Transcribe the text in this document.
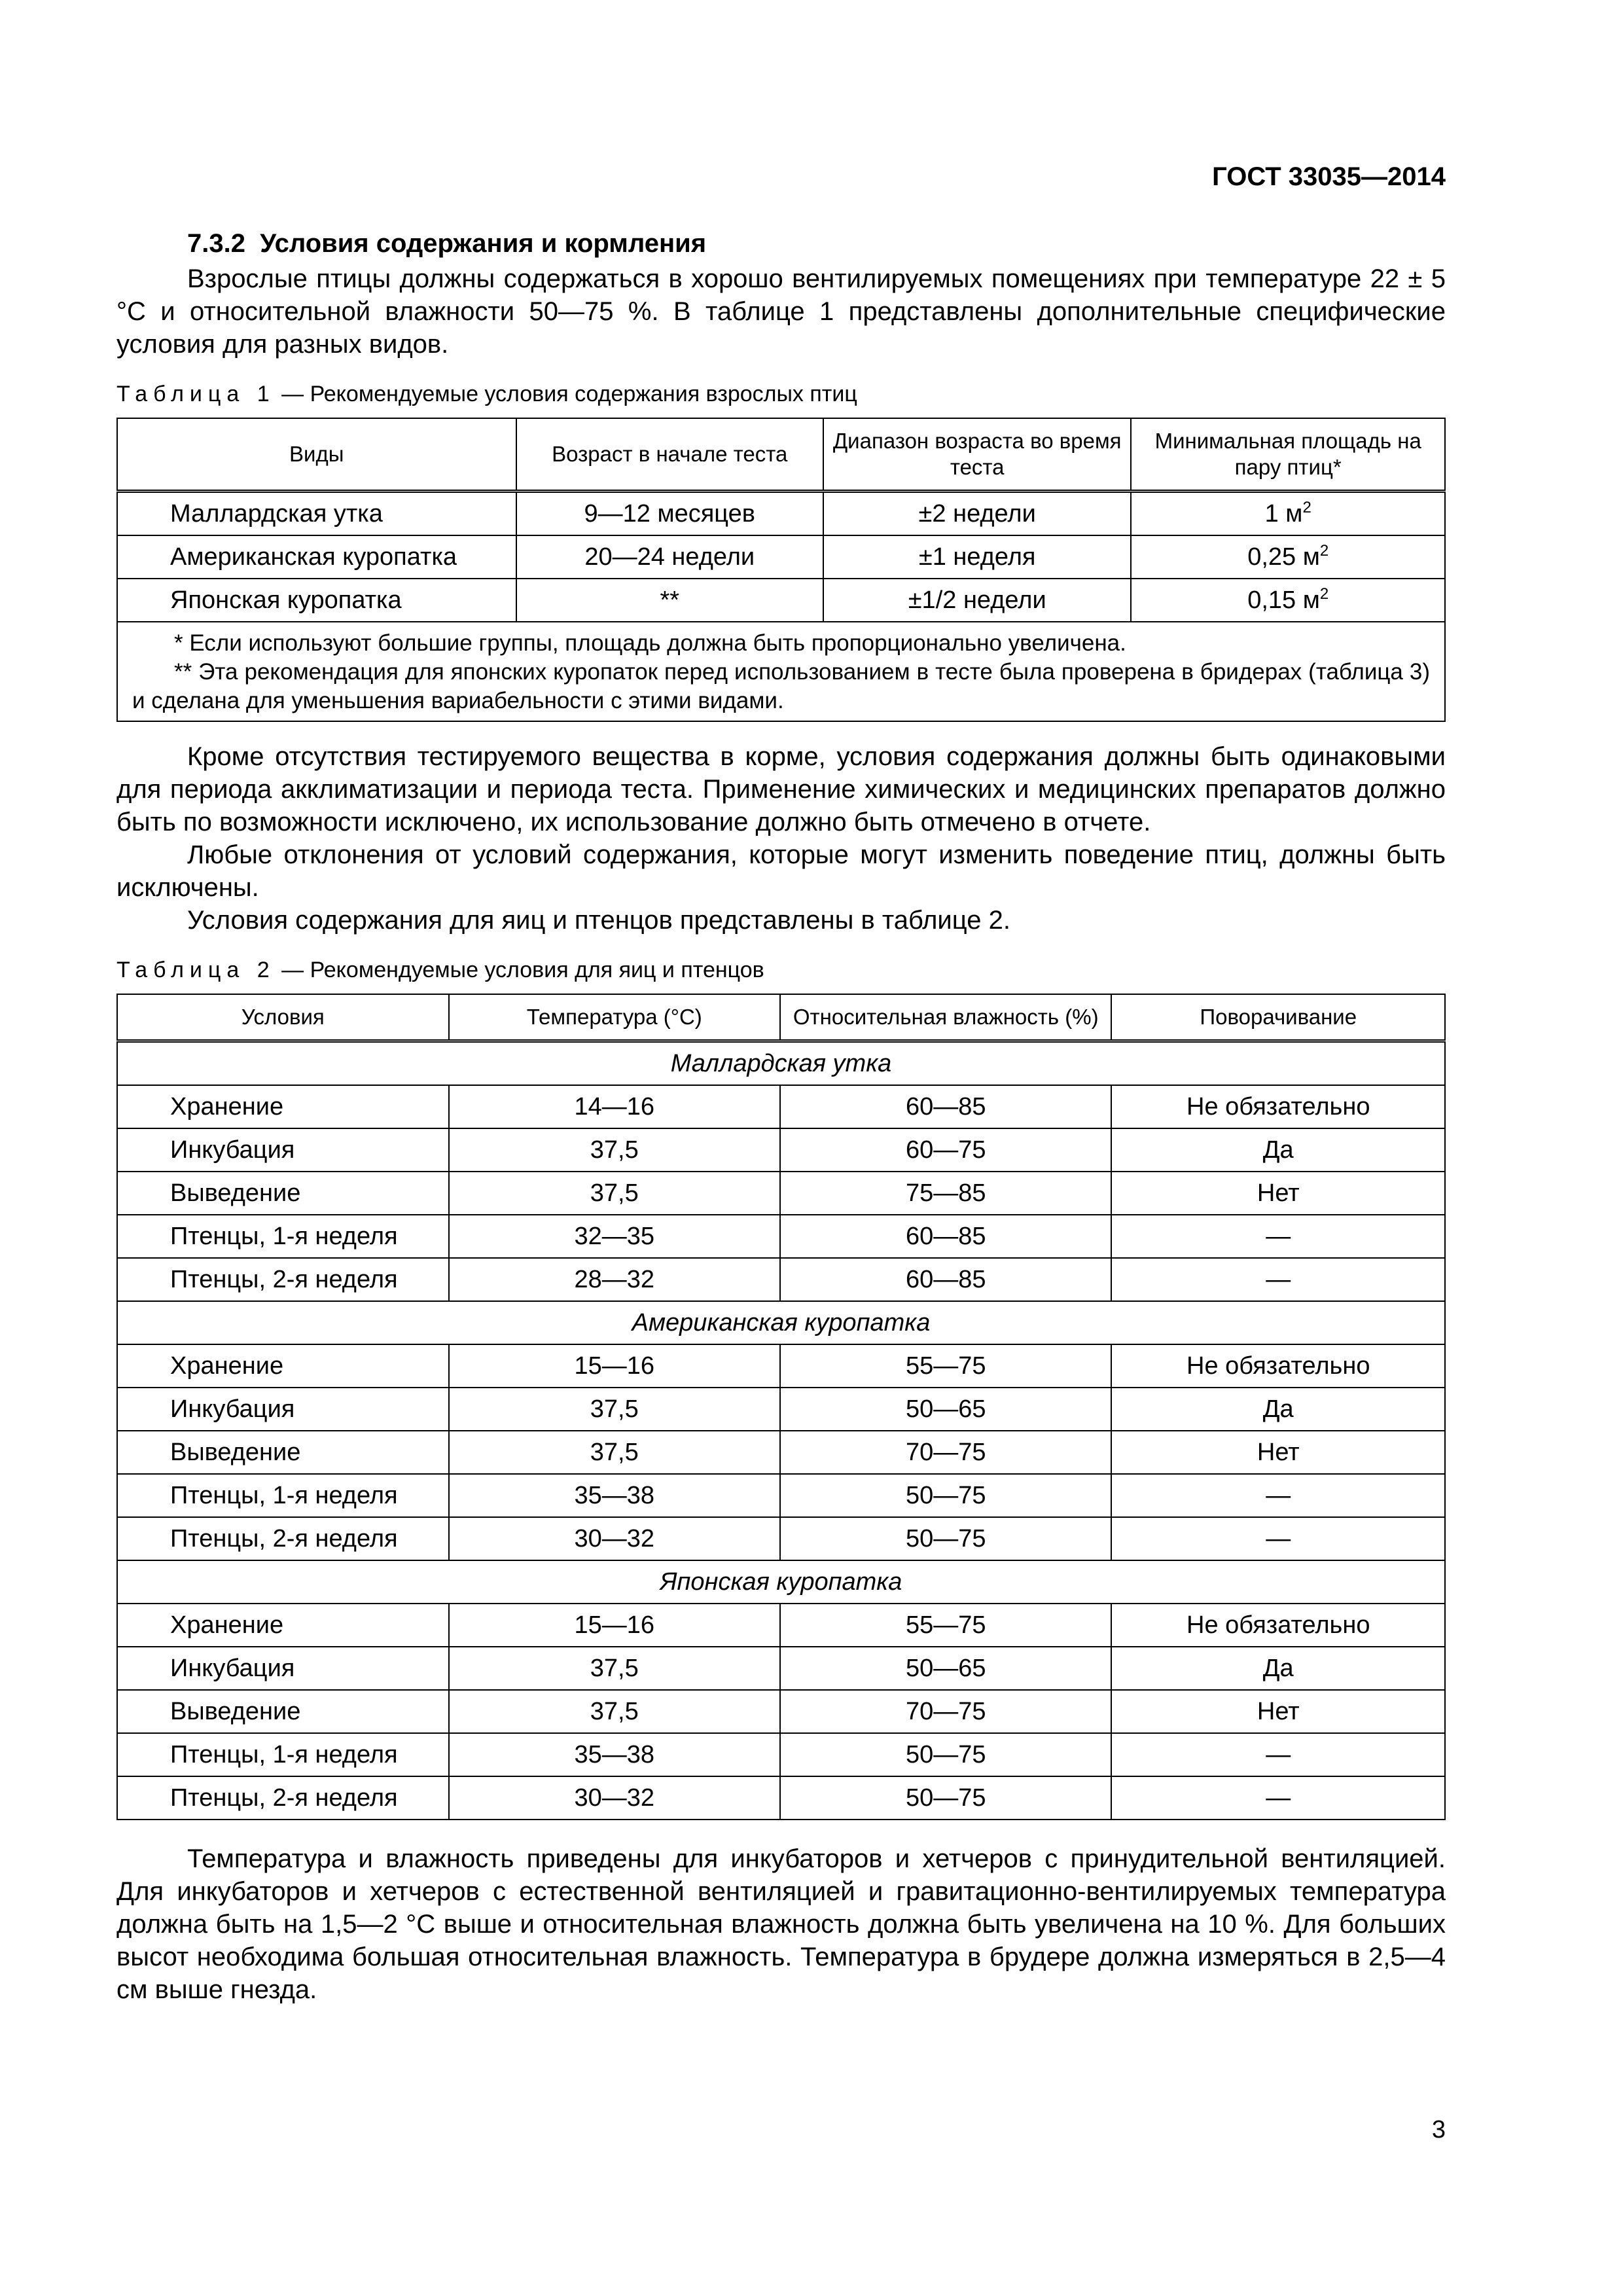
ГОСТ 33035—2014
7.3.2 Условия содержания и кормления

Взрослые птицы должны содержаться в хорошо вентилируемых помещениях при температуре 22 ± 5 °C и относительной влажности 50—75 %. В таблице 1 представлены дополнительные специфические условия для разных видов.

Таблица 1 — Рекомендуемые условия содержания взрослых птиц
Виды	Возраст в начале теста	Диапазон возраста во время теста	Минимальная площадь на пару птиц*
Маллардская утка	9—12 месяцев	±2 недели	1 $м^2$
Американская куропатка	20—24 недели	±1 неделя	0,25 $м^2$
Японская куропатка	**	±1/2 недели	0,15 $м^2$

* Если используют большие группы, площадь должна быть пропорционально увеличена.

** Эта рекомендация для японских куропаток перед использованием в тесте была проверена в бридерах (таблица 3) и сделана для уменьшения вариабельности с этими видами.			

Кроме отсутствия тестируемого вещества в корме, условия содержания должны быть одинаковыми для периода акклиматизации и периода теста. Применение химических и медицинских препаратов должно быть по возможности исключено, их использование должно быть отмечено в отчете.

Любые отклонения от условий содержания, которые могут изменить поведение птиц, должны быть исключены.

Условия содержания для яиц и птенцов представлены в таблице 2.

Таблица 2 — Рекомендуемые условия для яиц и птенцов
Условия	Температура (°С)	Относительная влажность (%)	Поворачивание
Маллардская утка			
Хранение	14—16	60—85	Не обязательно
Инкубация	37,5	60—75	Да
Выведение	37,5	75—85	Нет
Птенцы, 1-я неделя	32—35	60—85	—
Птенцы, 2-я неделя	28—32	60—85	—
Американская куропатка			
Хранение	15—16	55—75	Не обязательно
Инкубация	37,5	50—65	Да
Выведение	37,5	70—75	Нет
Птенцы, 1-я неделя	35—38	50—75	—
Птенцы, 2-я неделя	30—32	50—75	—
Японская куропатка			
Хранение	15—16	55—75	Не обязательно
Инкубация	37,5	50—65	Да
Выведение	37,5	70—75	Нет
Птенцы, 1-я неделя	35—38	50—75	—
Птенцы, 2-я неделя	30—32	50—75	—

Температура и влажность приведены для инкубаторов и хетчеров с принудительной вентиляцией. Для инкубаторов и хетчеров с естественной вентиляцией и гравитационно-вентилируемых температура должна быть на 1,5—2 °С выше и относительная влажность должна быть увеличена на 10 %. Для больших высот необходима большая относительная влажность. Температура в брудере должна измеряться в 2,5—4 см выше гнезда.

3
